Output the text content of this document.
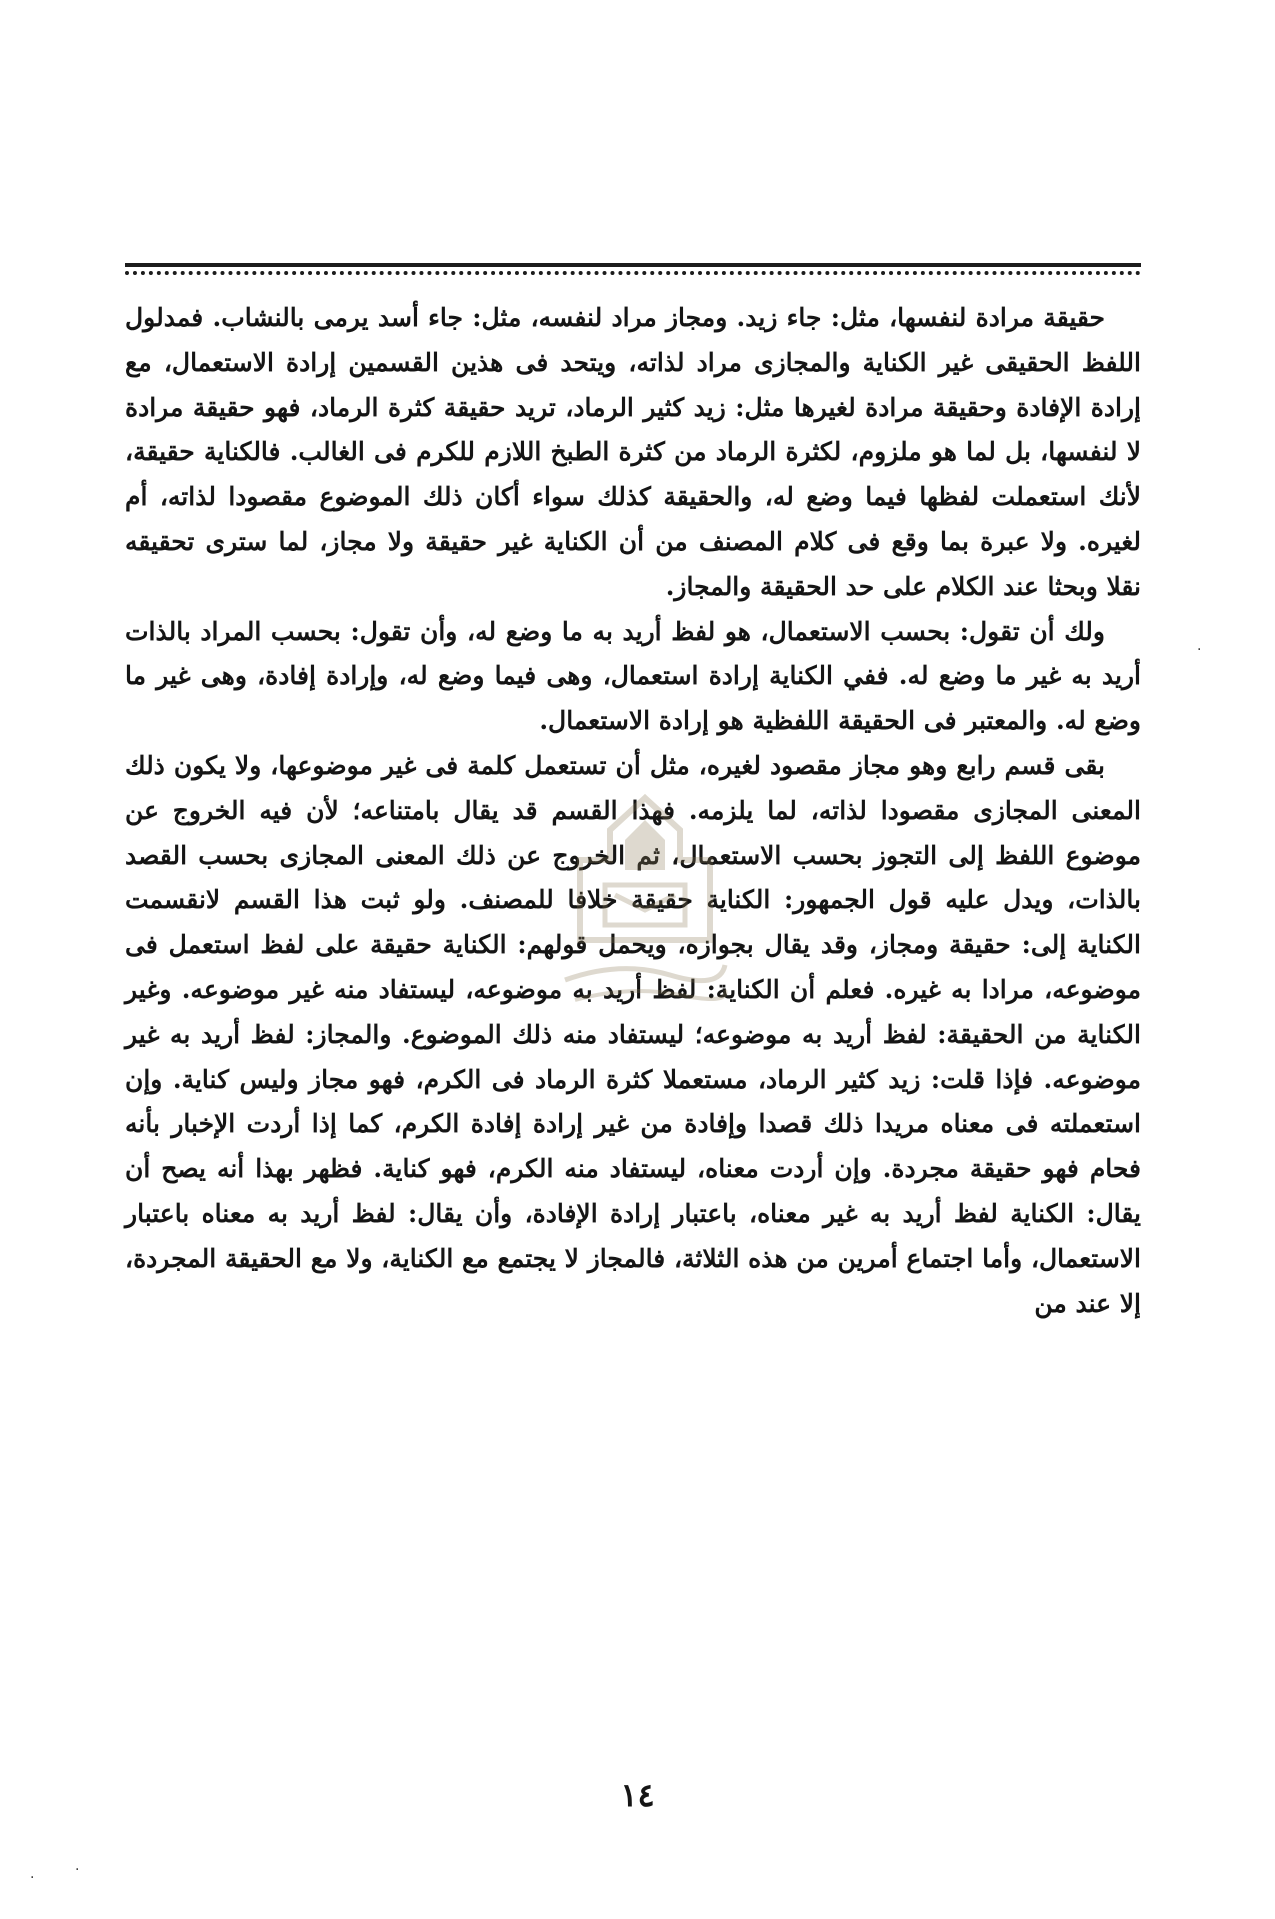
حقيقة مرادة لنفسها، مثل: جاء زيد. ومجاز مراد لنفسه، مثل: جاء أسد يرمى بالنشاب. فمدلول اللفظ الحقيقى غير الكناية والمجازى مراد لذاته، ويتحد فى هذين القسمين إرادة الاستعمال، مع إرادة الإفادة وحقيقة مرادة لغيرها مثل: زيد كثير الرماد، تريد حقيقة كثرة الرماد، فهو حقيقة مرادة لا لنفسها، بل لما هو ملزوم، لكثرة الرماد من كثرة الطبخ اللازم للكرم فى الغالب. فالكناية حقيقة، لأنك استعملت لفظها فيما وضع له، والحقيقة كذلك سواء أكان ذلك الموضوع مقصودا لذاته، أم لغيره. ولا عبرة بما وقع فى كلام المصنف من أن الكناية غير حقيقة ولا مجاز، لما سترى تحقيقه نقلا وبحثا عند الكلام على حد الحقيقة والمجاز.

ولك أن تقول: بحسب الاستعمال، هو لفظ أريد به ما وضع له، وأن تقول: بحسب المراد بالذات أريد به غير ما وضع له. ففي الكناية إرادة استعمال، وهى فيما وضع له، وإرادة إفادة، وهى غير ما وضع له. والمعتبر فى الحقيقة اللفظية هو إرادة الاستعمال.

بقى قسم رابع وهو مجاز مقصود لغيره، مثل أن تستعمل كلمة فى غير موضوعها، ولا يكون ذلك المعنى المجازى مقصودا لذاته، لما يلزمه. فهذا القسم قد يقال بامتناعه؛ لأن فيه الخروج عن موضوع اللفظ إلى التجوز بحسب الاستعمال، ثم الخروج عن ذلك المعنى المجازى بحسب القصد بالذات، ويدل عليه قول الجمهور: الكناية حقيقة خلافا للمصنف. ولو ثبت هذا القسم لانقسمت الكناية إلى: حقيقة ومجاز، وقد يقال بجوازه، ويحمل قولهم: الكناية حقيقة على لفظ استعمل فى موضوعه، مرادا به غيره. فعلم أن الكناية: لفظ أريد به موضوعه، ليستفاد منه غير موضوعه. وغير الكناية من الحقيقة: لفظ أريد به موضوعه؛ ليستفاد منه ذلك الموضوع. والمجاز: لفظ أريد به غير موضوعه. فإذا قلت: زيد كثير الرماد، مستعملا كثرة الرماد فى الكرم، فهو مجاز وليس كناية. وإن استعملته فى معناه مريدا ذلك قصدا وإفادة من غير إرادة إفادة الكرم، كما إذا أردت الإخبار بأنه فحام فهو حقيقة مجردة. وإن أردت معناه، ليستفاد منه الكرم، فهو كناية. فظهر بهذا أنه يصح أن يقال: الكناية لفظ أريد به غير معناه، باعتبار إرادة الإفادة، وأن يقال: لفظ أريد به معناه باعتبار الاستعمال، وأما اجتماع أمرين من هذه الثلاثة، فالمجاز لا يجتمع مع الكناية، ولا مع الحقيقة المجردة، إلا عند من

١٤
·
·	·
